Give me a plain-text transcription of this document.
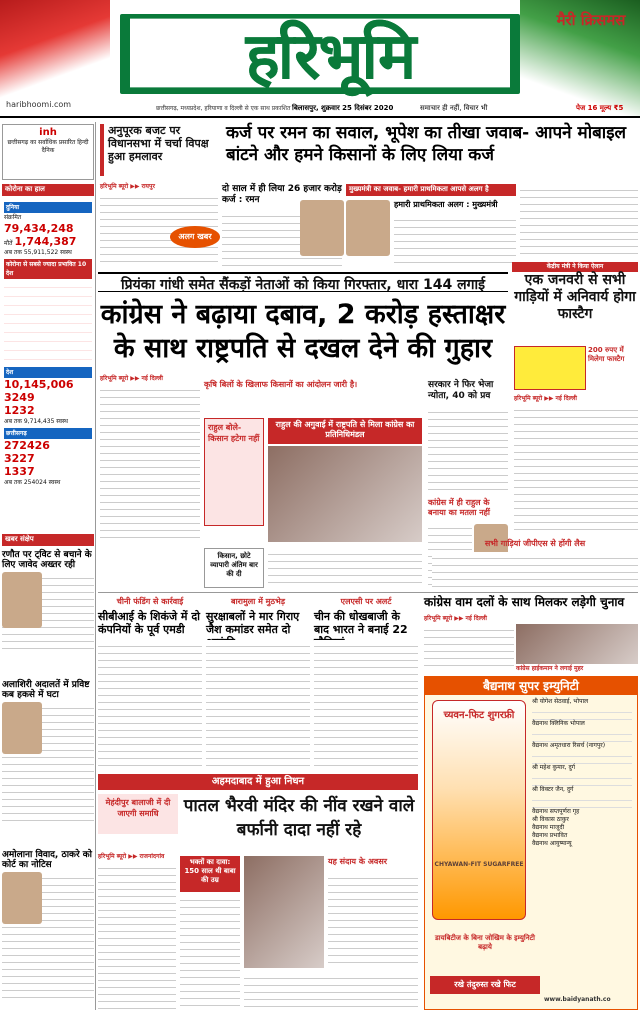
हरिभूमि	मैरी क्रिसमस
haribhoomi.com	छत्तीसगढ़, मध्यप्रदेश, हरियाणा व दिल्ली से एक साथ प्रकाशित बिलासपुर, शुक्रवार 25 दिसंबर 2020	समाचार ही नहीं, विचार भी	पेज 16 मूल्य ₹5
inh
छत्तीसगढ़ का सर्वाधिक प्रसारित हिन्दी दैनिक
कोरोना का हाल
दुनिया
संक्रमित 79,434,248
मौतें 1,744,387
अब तक 55,911,522 स्वस्थ
कोरोना से सबसे ज्यादा प्रभावित 10 देश
देश
10,145,006
3249
1232
अब तक 9,714,435 स्वस्थ
छत्तीसगढ़
272426
3227
1337
अब तक 254024 स्वस्थ
खबर संक्षेप
रणौत पर ट्विट से बचाने के लिए जावेद अख्तर रही
अलाशिरी अदालतें में प्रविष्ट कब हकसे में घटा
अमोलाना विवाद, ठाकरे को कोर्ट का नोटिस
अनुपूरक बजट पर विधानसभा में चर्चा विपक्ष हुआ हमलावर
कर्ज पर रमन का सवाल, भूपेश का तीखा जवाब- आपने मोबाइल बांटने और हमने किसानों के लिए लिया कर्ज
हरिभूमि ब्यूरो ▶▶ रायपुर	दो साल में ही लिया 26 हजार करोड़ कर्ज : रमन
अलग खबर
मुख्यमंत्री का जवाब- हमारी प्राथमिकता आपसे अलग है
हमारी प्राथमिकता अलग : मुख्यमंत्री
प्रियंका गांधी समेत सैंकड़ों नेताओं को किया गिरफ्तार, धारा 144 लगाई
कांग्रेस ने बढ़ाया दबाव, 2 करोड़ हस्ताक्षर के साथ राष्ट्रपति से दखल देने की गुहार
हरिभूमि ब्यूरो ▶▶ नई दिल्ली
कृषि बिलों के खिलाफ किसानों का आंदोलन जारी है।
राहुल बोले- किसान हटेगा नहीं
राहुल की अगुवाई में राष्ट्रपति से मिला कांग्रेस का प्रतिनिधिमंडल
किसान, छोटे व्यापारी अंतिम बार की दी
सरकार ने फिर भेजा न्योता, 40 को प्रव
कांग्रेस में ही राहुल के बनाया का मतला नहीं
केंद्रीय मंत्री ने किया ऐलान
एक जनवरी से सभी गाड़ियों में अनिवार्य होगा फास्टैग
200 रुपए में मिलेगा फास्टैग
हरिभूमि ब्यूरो ▶▶ नई दिल्ली
सभी गाड़ियां जीपीएस से होंगी लैस
चीनी फंडिंग से कार्रवाई
सीबीआई के शिकंजे में दो कंपनियों के पूर्व एमडी
बारामुला में मुठभेड़
सुरक्षाबलों ने मार गिराए जैश कमांडर समेत दो
एलएसी पर अलर्ट
चीन की धोखबाजी के बाद भारत ने बनाई 22
कांग्रेस वाम दलों के साथ मिलकर लड़ेगी चुनाव
हरिभूमि ब्यूरो ▶▶ नई दिल्ली
कांग्रेस हाईकमान ने लगाई मुहर
अहमदाबाद में हुआ निधन
मेहंदीपुर बालाजी में दी जाएगी समाधि	पातल भैरवी मंदिर की नींव रखने वाले बर्फानी दादा नहीं रहे
हरिभूमि ब्यूरो ▶▶ राजनांदगांव
भक्तों का दावा: 150 साल थी बाबा की उम्र
यह संदाय के अवसर
बैद्यनाथ सुपर इम्युनिटी
च्यवन-फिट शुगरफ्री
CHYAWAN-FIT SUGARFREE
श्री योगेश सेठवाई, भोपाल
वैद्यनाथ क्लिनिक भोपाल
वैद्यनाथ अमृतधारा रिसर्च (नागपुर)
श्री महेश कुमार, दुर्ग
श्री विक्टर जैन, दुर्ग
वैद्यनाथ सप्तपूर्णरा गृह
श्री विकास ठाकुर
वैद्यनाथ माजूदी
वैद्यनाथ प्रभावित
वैद्यनाथ आयुष्मान्यू
डायबिटीज के बिना जोखिम के इम्युनिटी बढ़ाये
रखे तंदुरुस्त रखे फिट
www.baidyanath.co
